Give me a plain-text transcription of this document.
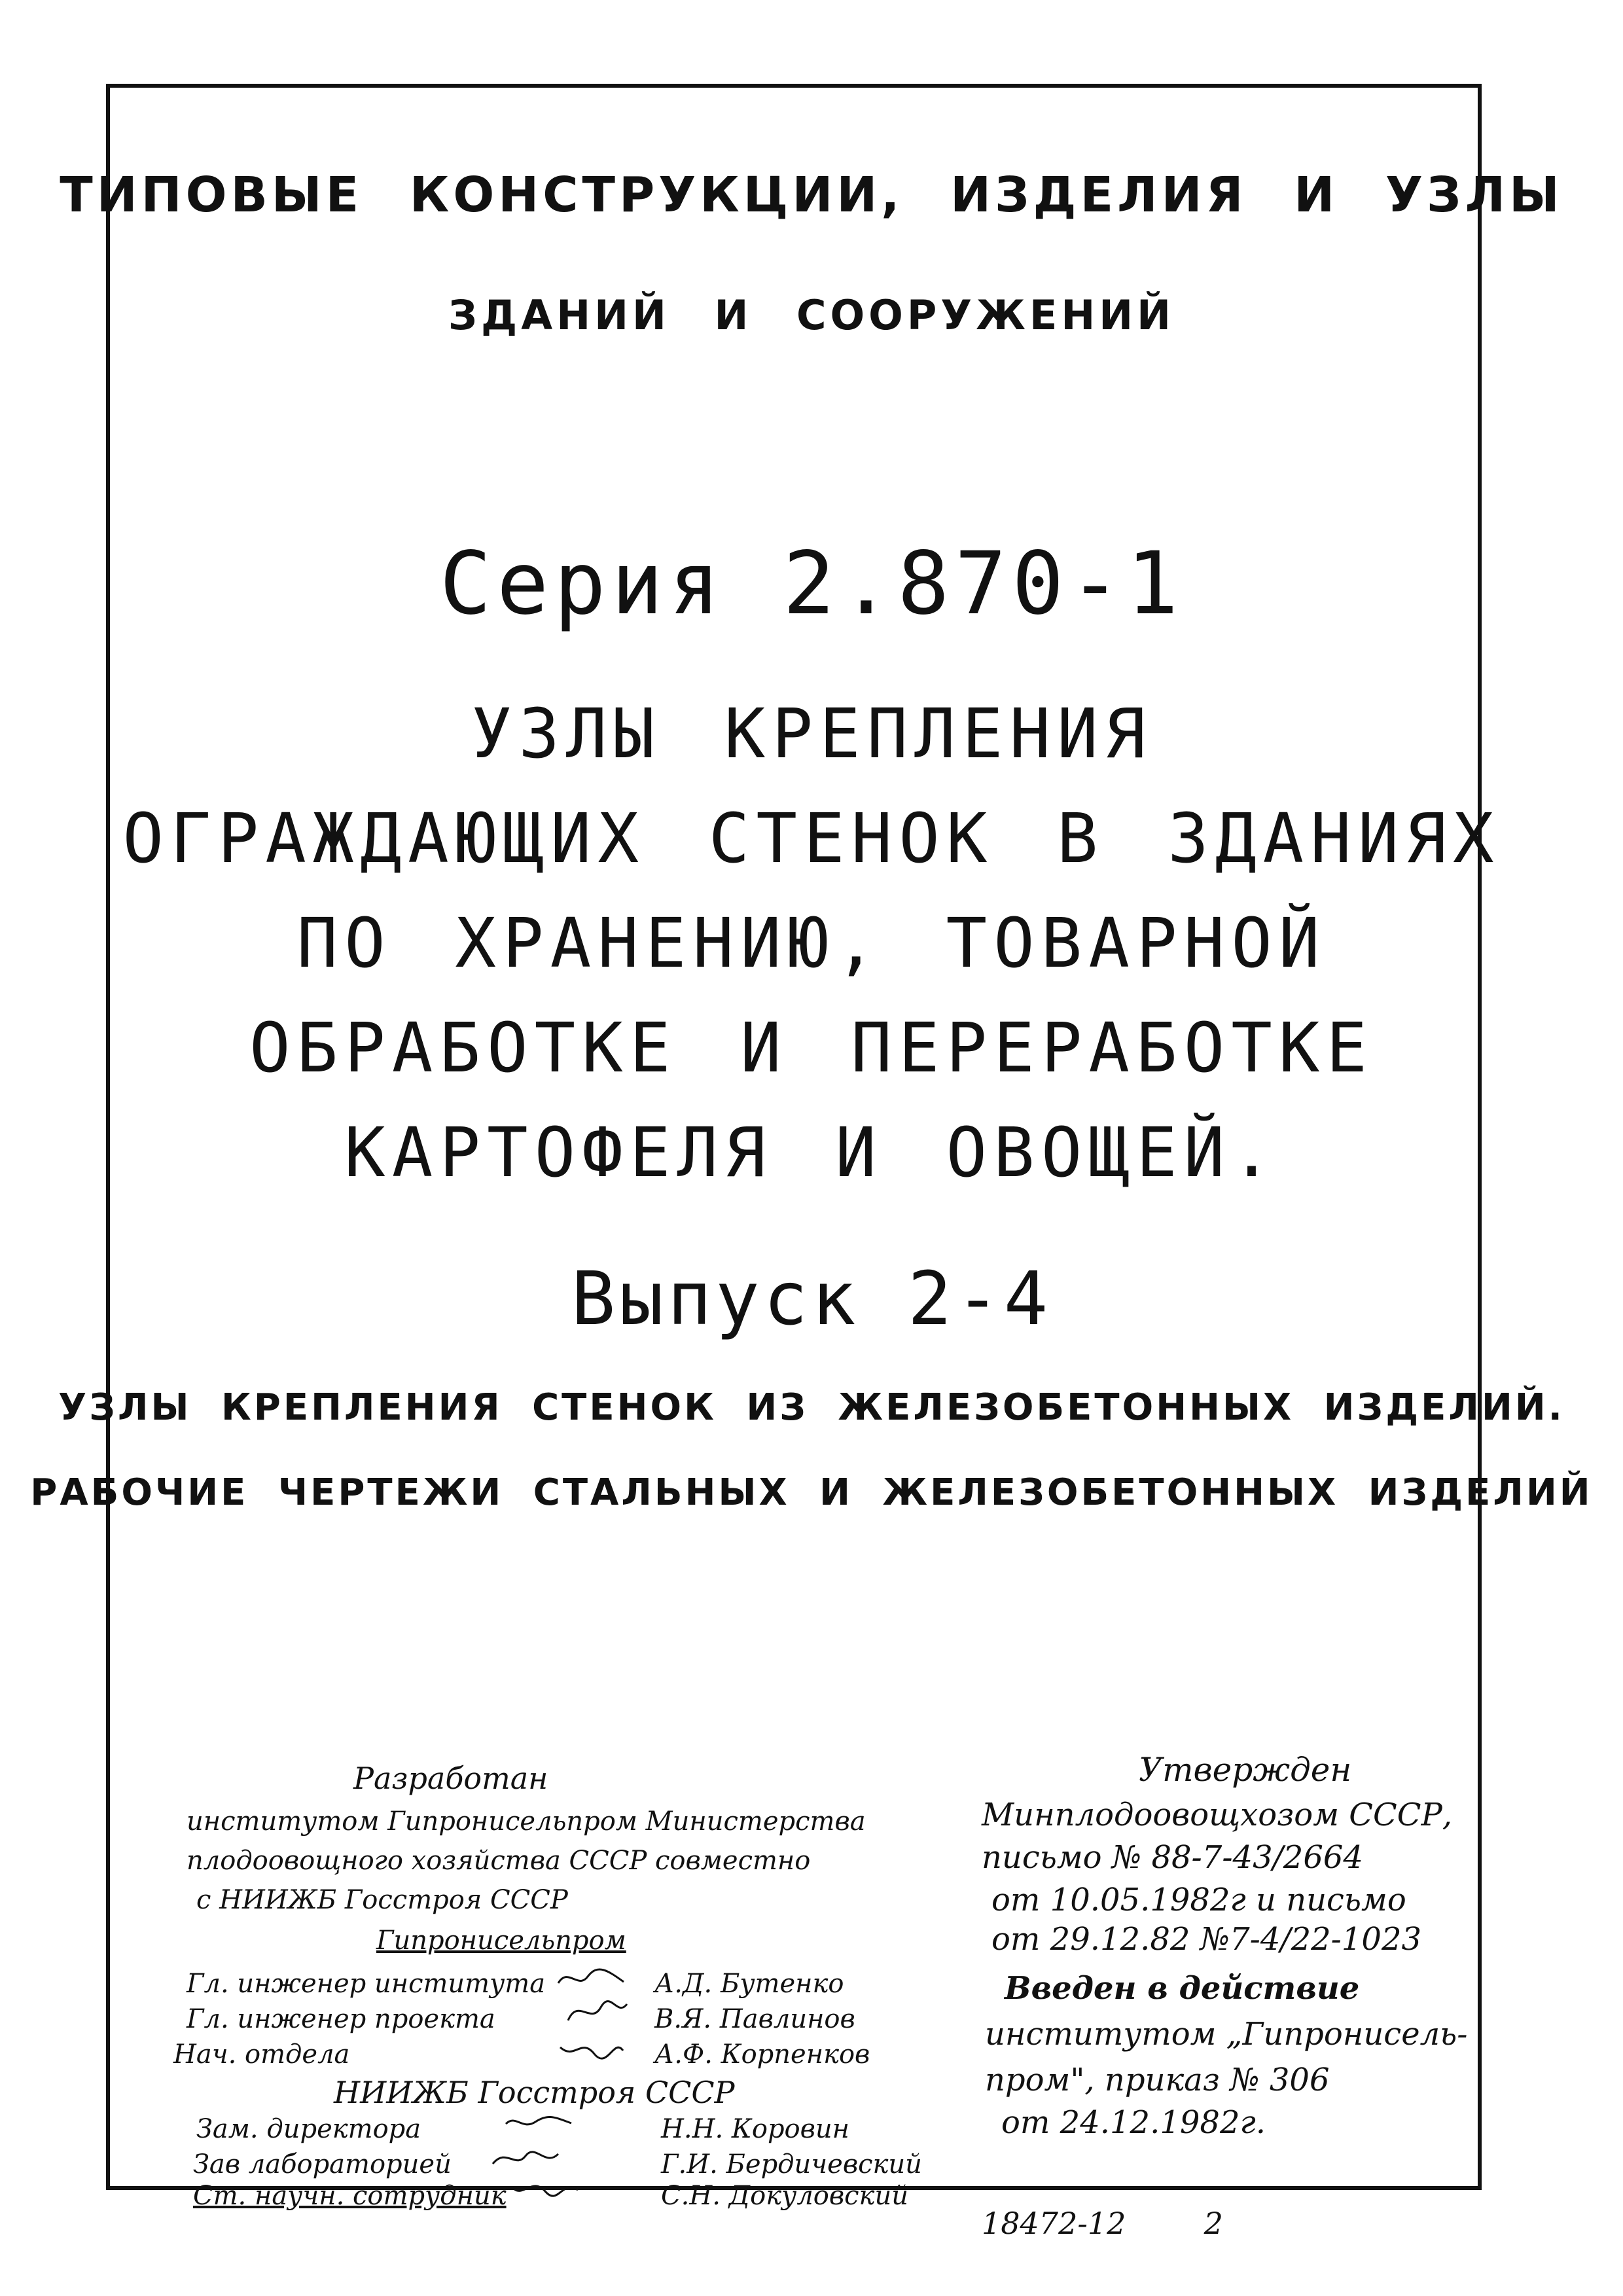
ТИПОВЫЕ КОНСТРУКЦИИ, ИЗДЕЛИЯ И УЗЛЫ
ЗДАНИЙ И СООРУЖЕНИЙ
Серия 2.870-1
УЗЛЫ КРЕПЛЕНИЯ
ОГРАЖДАЮЩИХ СТЕНОК В ЗДАНИЯХ
ПО ХРАНЕНИЮ, ТОВАРНОЙ
ОБРАБОТКЕ И ПЕРЕРАБОТКЕ
КАРТОФЕЛЯ И ОВОЩЕЙ.
Выпуск 2-4
УЗЛЫ КРЕПЛЕНИЯ СТЕНОК ИЗ ЖЕЛЕЗОБЕТОННЫХ ИЗДЕЛИЙ.
РАБОЧИЕ ЧЕРТЕЖИ СТАЛЬНЫХ И ЖЕЛЕЗОБЕТОННЫХ ИЗДЕЛИЙ
Разработан
институтом Гипронисельпром Министерства
плодоовощного хозяйства СССР совместно
с НИИЖБ Госстроя СССР
Гипронисельпром
Гл. инженер института	А.Д. Бутенко
Гл. инженер проекта	В.Я. Павлинов
Нач. отдела	А.Ф. Корпенков
НИИЖБ Госстроя СССР
Зам. директора	Н.Н. Коровин
Зав лабораторией	Г.И. Бердичевский
Ст. научн. сотрудник	С.Н. Докуловский
Утвержден
Минплодоовощхозом СССР,
письмо № 88-7-43/2664
от 10.05.1982г и письмо
от 29.12.82 №7-4/22-1023
Введен в действие
институтом „Гипронисель-
пром", приказ № 306
от 24.12.1982г.
18472-12	2
